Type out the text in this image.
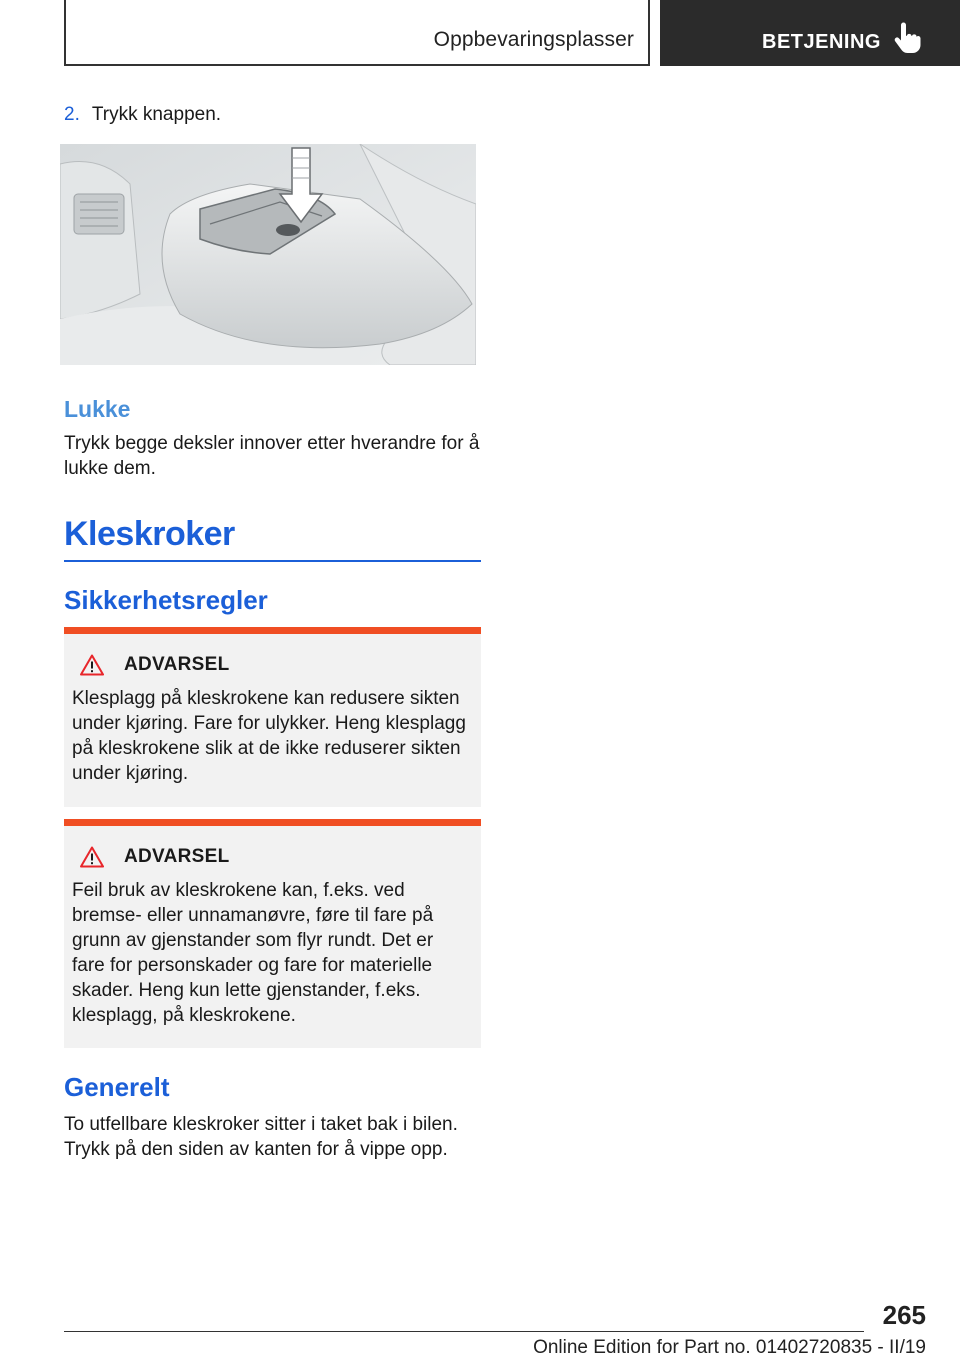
Oppbevaringsplasser	BETJENING
2. Trykk knappen.
Lukke
Trykk begge deksler innover etter hverandre for å lukke dem.
Kleskroker
Sikkerhetsregler
ADVARSEL
Klesplagg på kleskrokene kan redusere sikten under kjøring. Fare for ulykker. Heng klesplagg på kleskrokene slik at de ikke reduserer sikten under kjøring.
ADVARSEL
Feil bruk av kleskrokene kan, f.eks. ved bremse- eller unnamanøvre, føre til fare på grunn av gjenstander som flyr rundt. Det er fare for personskader og fare for materielle skader. Heng kun lette gjenstander, f.eks. klesplagg, på kleskrokene.
Generelt
To utfellbare kleskroker sitter i taket bak i bilen. Trykk på den siden av kanten for å vippe opp.
265
Online Edition for Part no. 01402720835 - II/19
